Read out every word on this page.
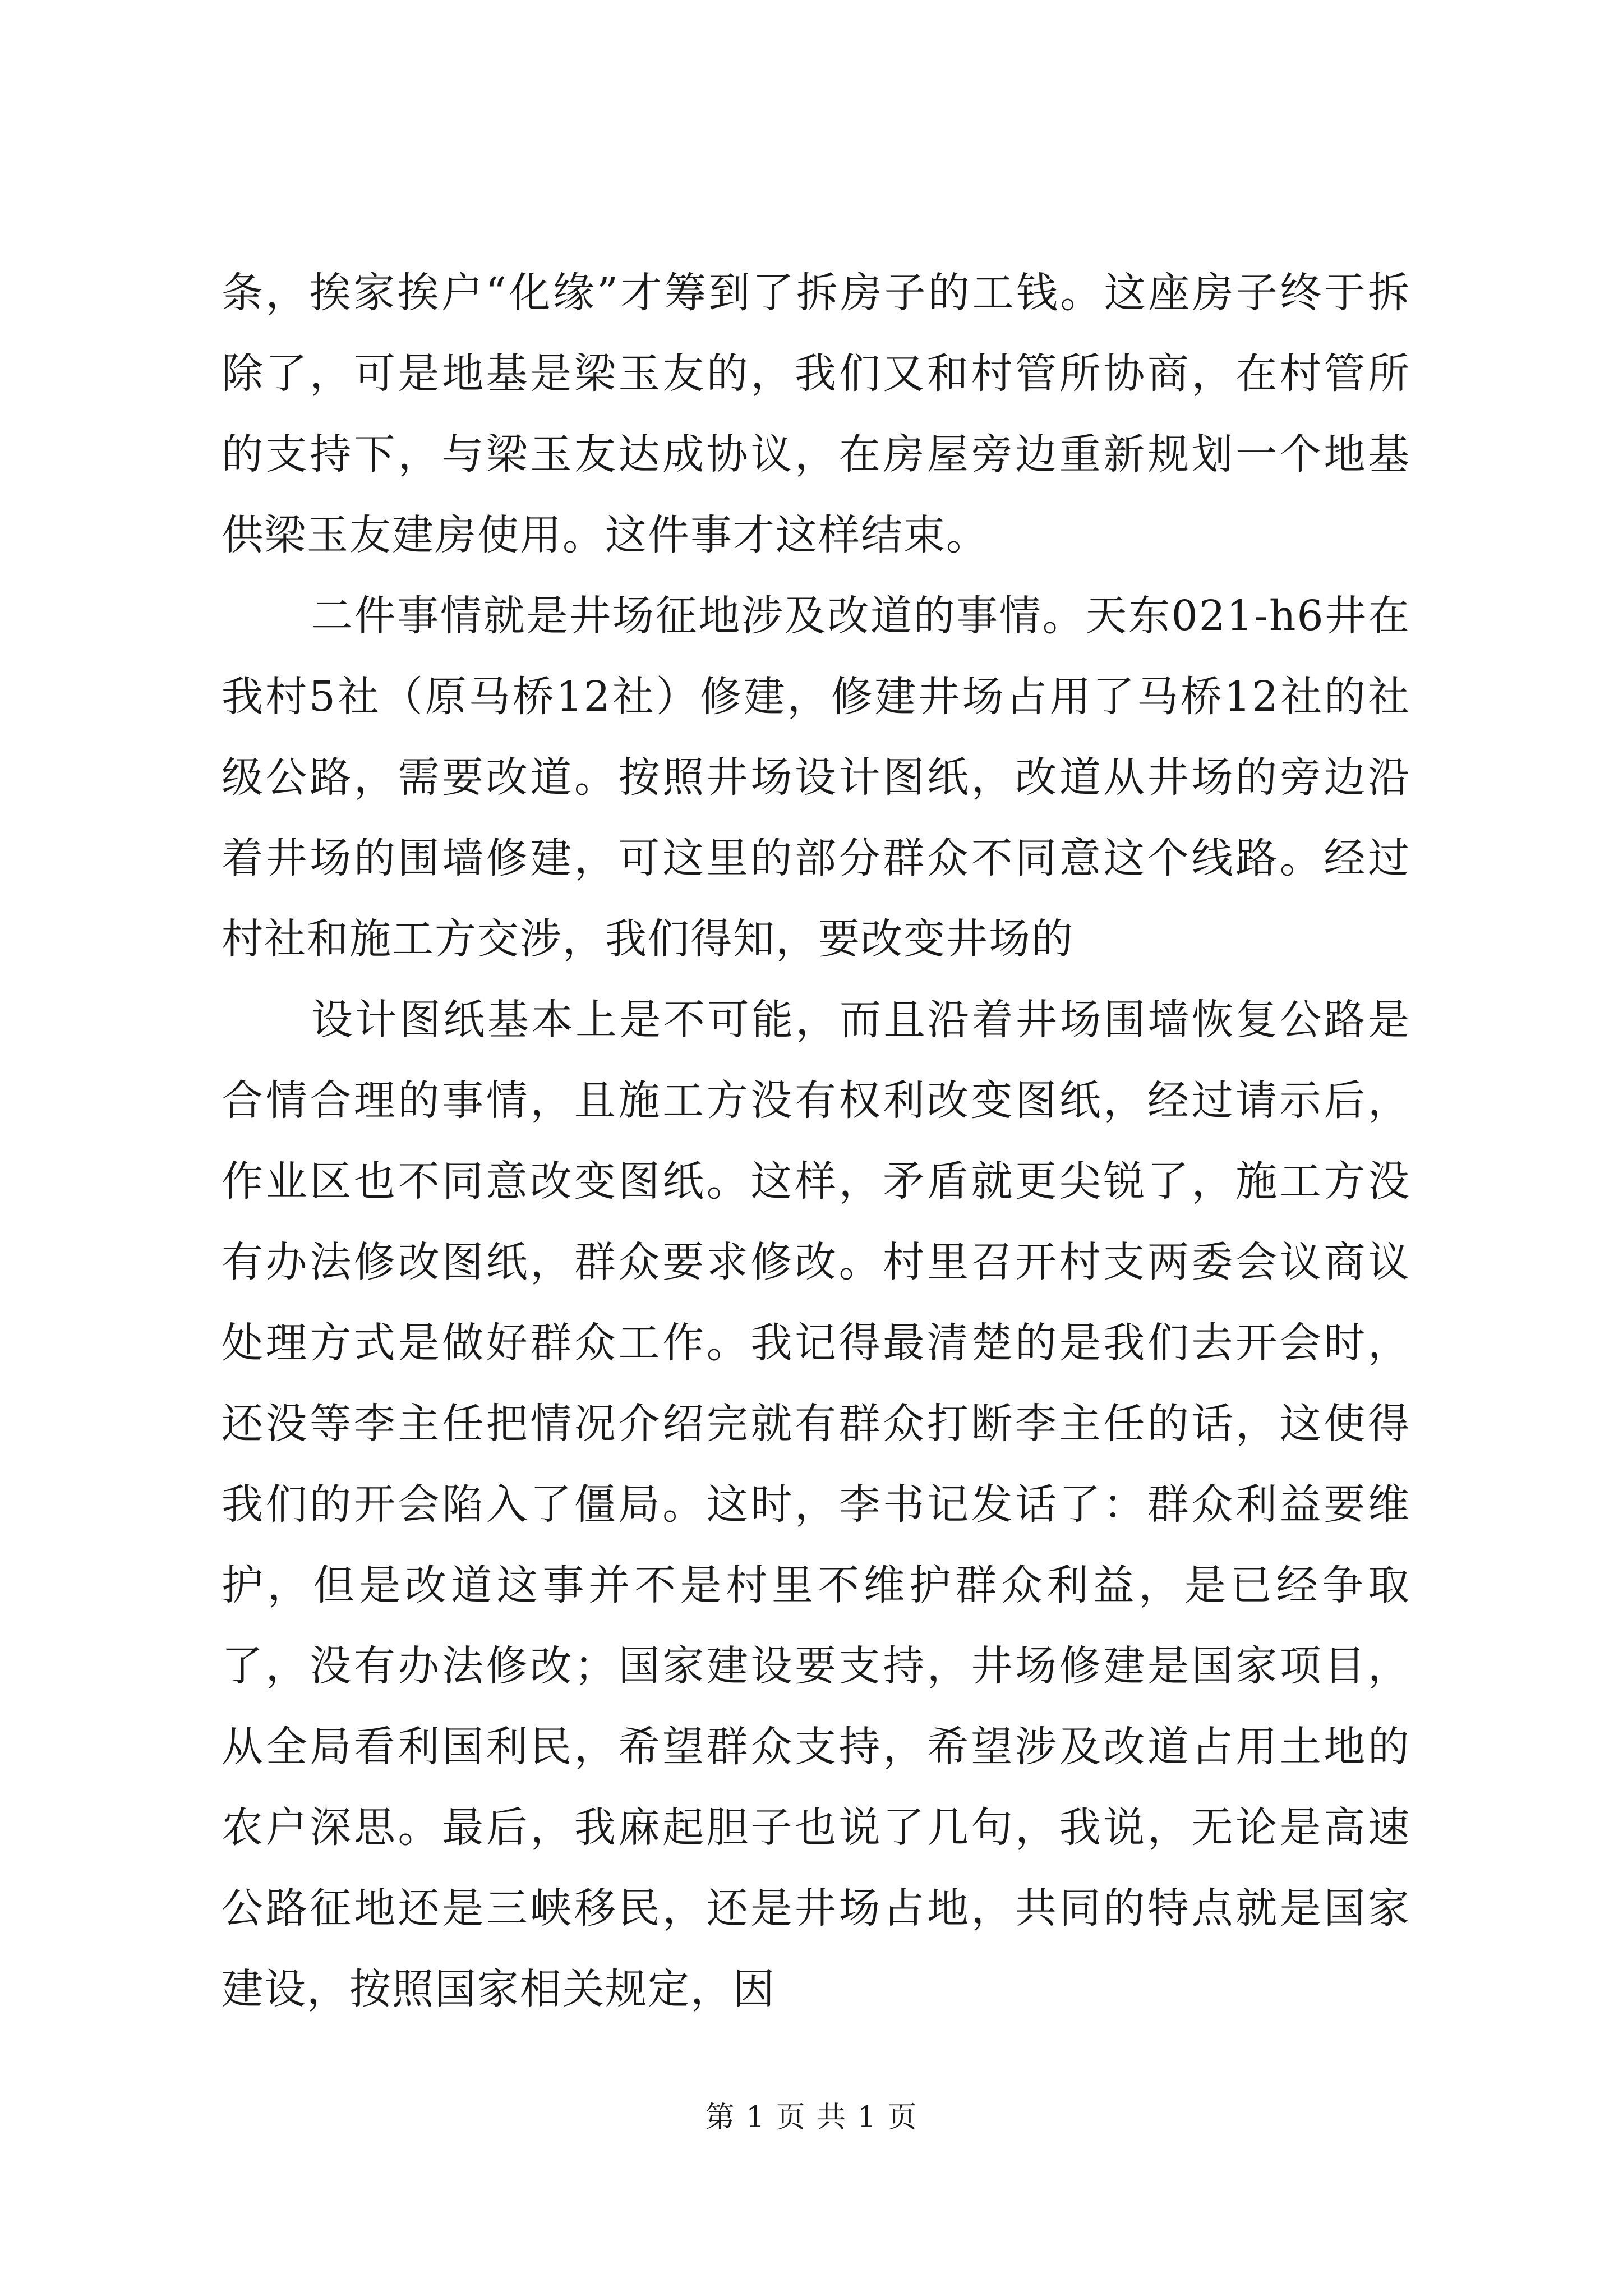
条，挨家挨户“化缘”才筹到了拆房子的工钱。这座房子终于拆除了，可是地基是梁玉友的，我们又和村管所协商，在村管所的支持下，与梁玉友达成协议，在房屋旁边重新规划一个地基供梁玉友建房使用。这件事才这样结束。

二件事情就是井场征地涉及改道的事情。天东021-h6井在我村5社（原马桥12社）修建，修建井场占用了马桥12社的社级公路，需要改道。按照井场设计图纸，改道从井场的旁边沿着井场的围墙修建，可这里的部分群众不同意这个线路。经过村社和施工方交涉，我们得知，要改变井场的

设计图纸基本上是不可能，而且沿着井场围墙恢复公路是合情合理的事情，且施工方没有权利改变图纸，经过请示后，作业区也不同意改变图纸。这样，矛盾就更尖锐了，施工方没有办法修改图纸，群众要求修改。村里召开村支两委会议商议处理方式是做好群众工作。我记得最清楚的是我们去开会时，还没等李主任把情况介绍完就有群众打断李主任的话，这使得我们的开会陷入了僵局。这时，李书记发话了：群众利益要维护，但是改道这事并不是村里不维护群众利益，是已经争取了，没有办法修改；国家建设要支持，井场修建是国家项目，从全局看利国利民，希望群众支持，希望涉及改道占用土地的农户深思。最后，我麻起胆子也说了几句，我说，无论是高速公路征地还是三峡移民，还是井场占地，共同的特点就是国家建设，按照国家相关规定，因

第 1 页 共 1 页
